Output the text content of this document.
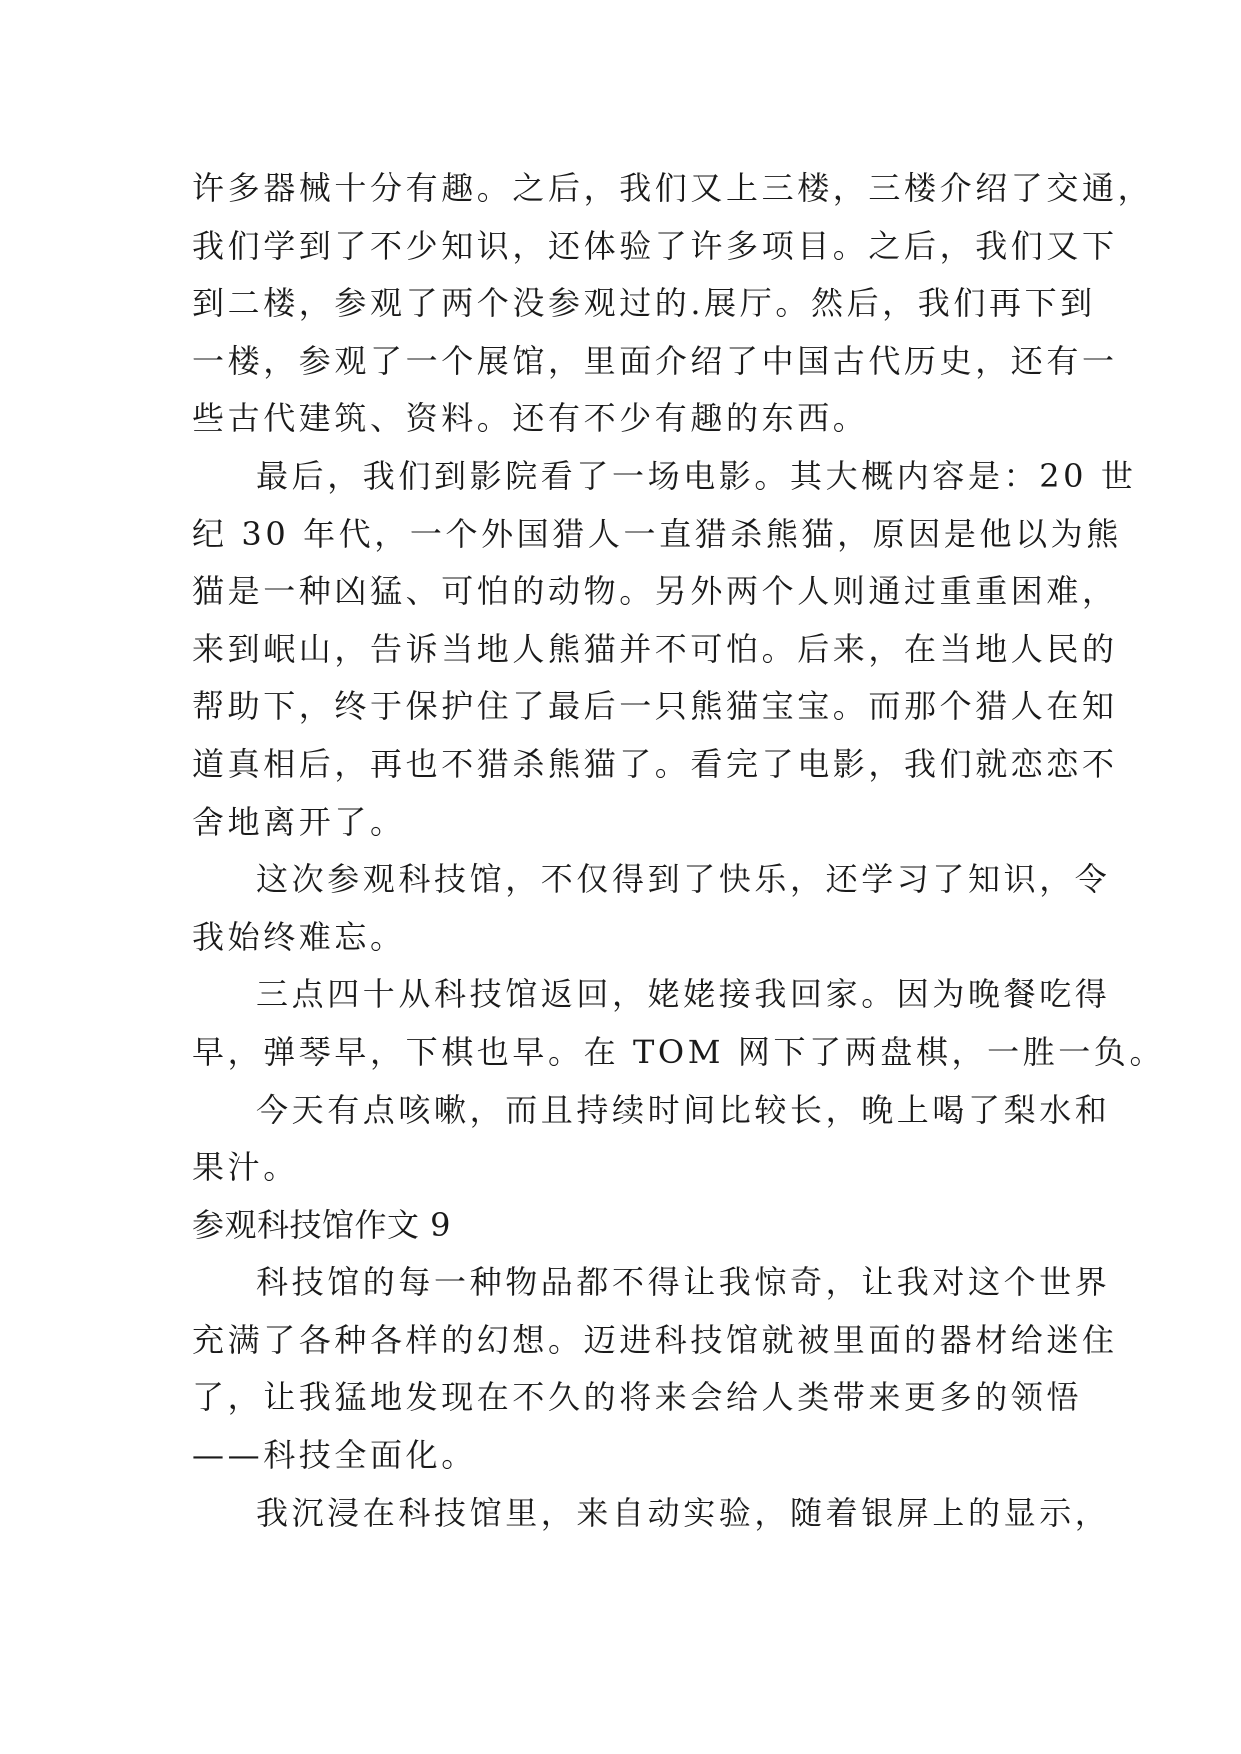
许多器械十分有趣。之后，我们又上三楼，三楼介绍了交通，
我们学到了不少知识，还体验了许多项目。之后，我们又下
到二楼，参观了两个没参观过的.展厅。然后，我们再下到
一楼，参观了一个展馆，里面介绍了中国古代历史，还有一
些古代建筑、资料。还有不少有趣的东西。
最后，我们到影院看了一场电影。其大概内容是：20 世
纪 30 年代，一个外国猎人一直猎杀熊猫，原因是他以为熊
猫是一种凶猛、可怕的动物。另外两个人则通过重重困难，
来到岷山，告诉当地人熊猫并不可怕。后来，在当地人民的
帮助下，终于保护住了最后一只熊猫宝宝。而那个猎人在知
道真相后，再也不猎杀熊猫了。看完了电影，我们就恋恋不
舍地离开了。
这次参观科技馆，不仅得到了快乐，还学习了知识，令
我始终难忘。
三点四十从科技馆返回，姥姥接我回家。因为晚餐吃得
早，弹琴早，下棋也早。在 TOM 网下了两盘棋，一胜一负。
今天有点咳嗽，而且持续时间比较长，晚上喝了梨水和
果汁。
参观科技馆作文 9
科技馆的每一种物品都不得让我惊奇，让我对这个世界
充满了各种各样的幻想。迈进科技馆就被里面的器材给迷住
了，让我猛地发现在不久的将来会给人类带来更多的领悟
——科技全面化。
我沉浸在科技馆里，来自动实验，随着银屏上的显示，
